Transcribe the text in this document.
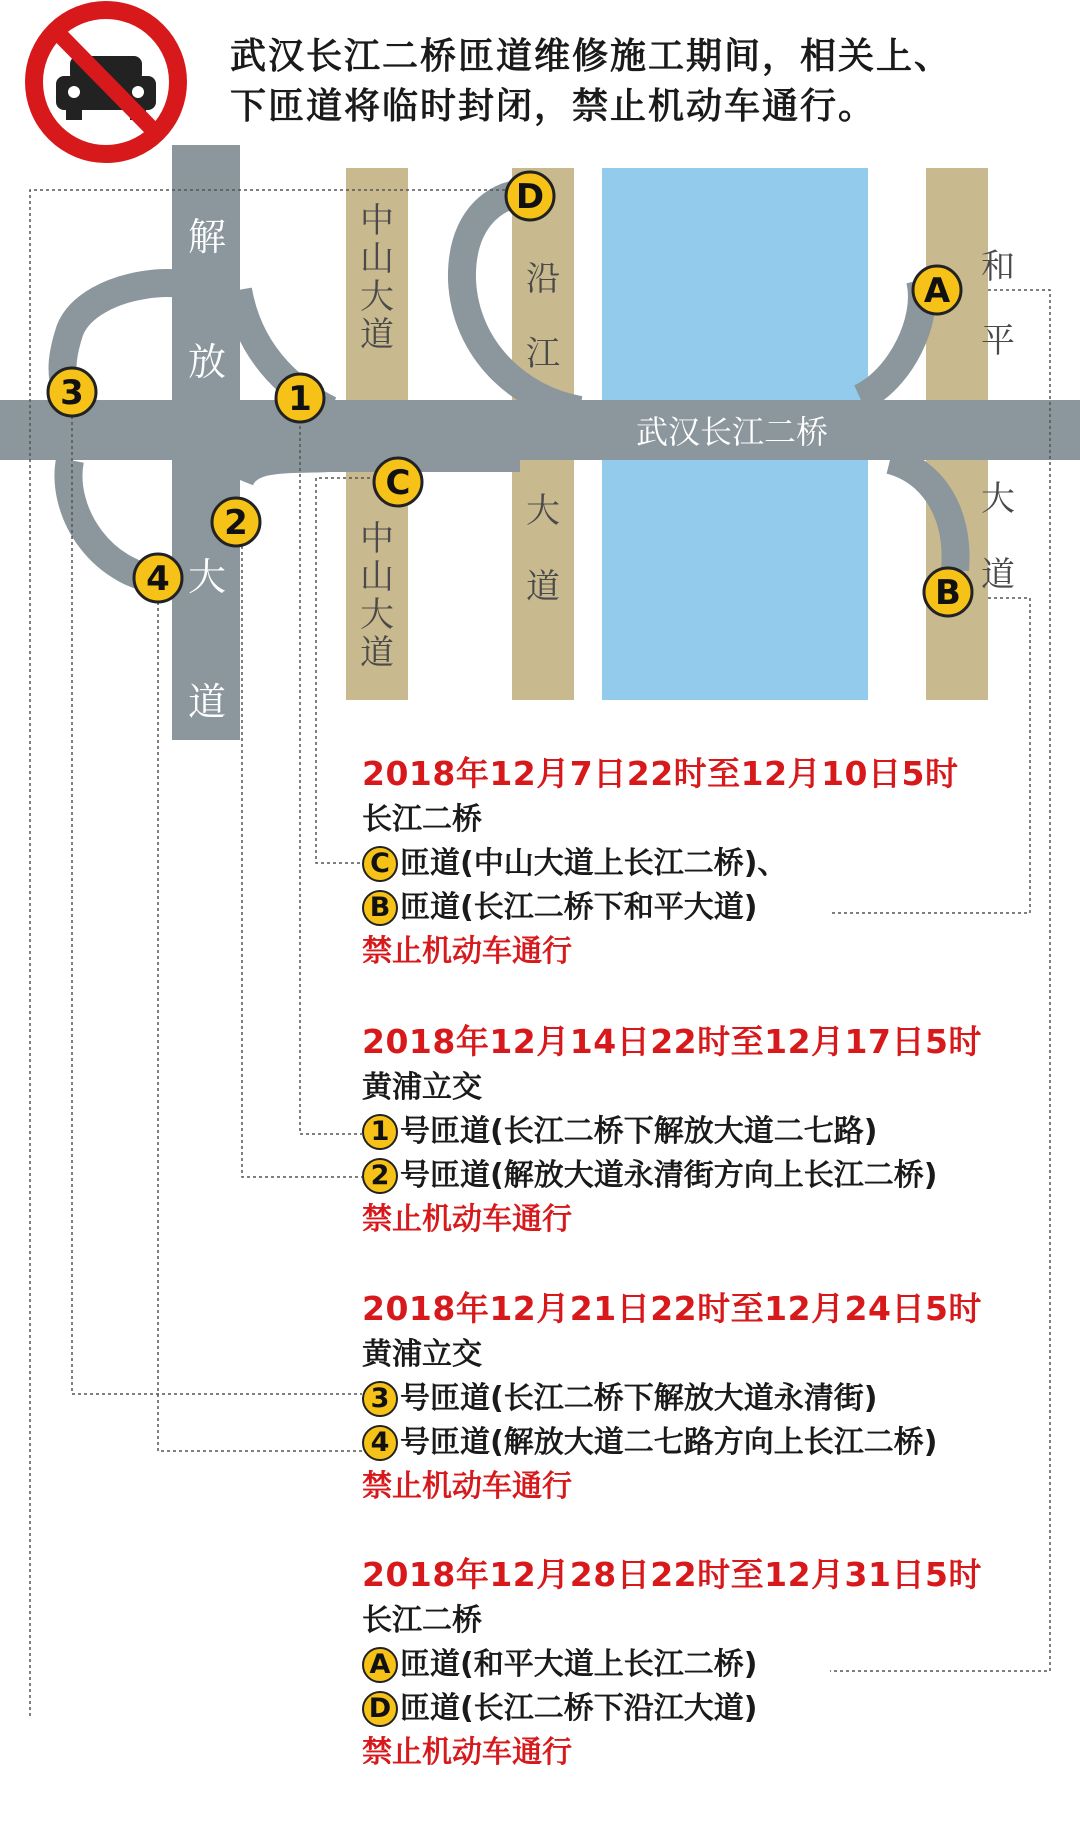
解
放
大
道
中
山
大
道
中
山
大
道
沿
江
大
道
和
平
大
道
武汉长江二桥
3	1
2
4
C
D
A
B
武汉长江二桥匝道维修施工期间，相关上、
下匝道将临时封闭，禁止机动车通行。
2018年12月7日22时至12月10日5时
长江二桥
C 匝道(中山大道上长江二桥)、
B 匝道(长江二桥下和平大道)
禁止机动车通行
2018年12月14日22时至12月17日5时
黄浦立交
1 号匝道(长江二桥下解放大道二七路)
2 号匝道(解放大道永清街方向上长江二桥)
禁止机动车通行
2018年12月21日22时至12月24日5时
黄浦立交
3 号匝道(长江二桥下解放大道永清街)
4 号匝道(解放大道二七路方向上长江二桥)
禁止机动车通行
2018年12月28日22时至12月31日5时
长江二桥
A 匝道(和平大道上长江二桥)
D 匝道(长江二桥下沿江大道)
禁止机动车通行
